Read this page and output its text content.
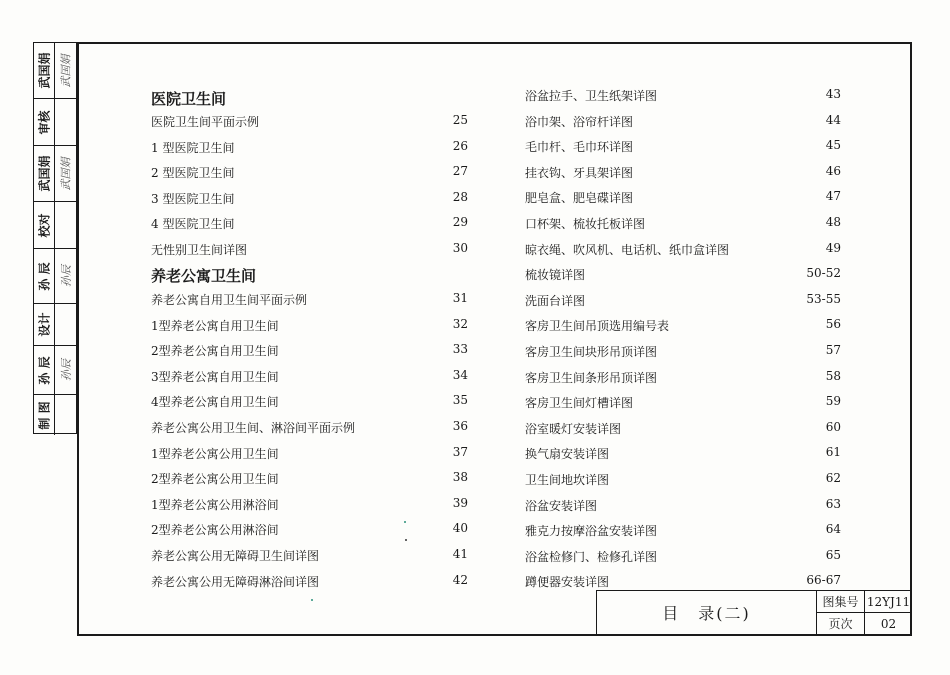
武国娟 武国娟
审核
武国娟 武国娟
校对
孙 辰 孙辰
设计
孙 辰 孙辰
制 图
医院卫生间
养老公寓卫生间
医院卫生间平面示例	25
1 型医院卫生间	26
2 型医院卫生间	27
3 型医院卫生间	28
4 型医院卫生间	29
无性别卫生间详图	30
养老公寓自用卫生间平面示例	31
1型养老公寓自用卫生间	32
2型养老公寓自用卫生间	33
3型养老公寓自用卫生间	34
4型养老公寓自用卫生间	35
养老公寓公用卫生间、淋浴间平面示例	36
1型养老公寓公用卫生间	37
2型养老公寓公用卫生间	38
1型养老公寓公用淋浴间	39
2型养老公寓公用淋浴间	40
养老公寓公用无障碍卫生间详图	41
养老公寓公用无障碍淋浴间详图	42
浴盆拉手、卫生纸架详图	43
浴巾架、浴帘杆详图	44
毛巾杆、毛巾环详图	45
挂衣钩、牙具架详图	46
肥皂盒、肥皂碟详图	47
口杯架、梳妆托板详图	48
晾衣绳、吹风机、电话机、纸巾盒详图	49
梳妆镜详图	50-52
洗面台详图	53-55
客房卫生间吊顶选用编号表	56
客房卫生间块形吊顶详图	57
客房卫生间条形吊顶详图	58
客房卫生间灯槽详图	59
浴室暖灯安装详图	60
换气扇安装详图	61
卫生间地坎详图	62
浴盆安装详图	63
雅克力按摩浴盆安装详图	64
浴盆检修门、检修孔详图	65
蹲便器安装详图	66-67
目　录(二)
图集号 12YJ11
页次	02
